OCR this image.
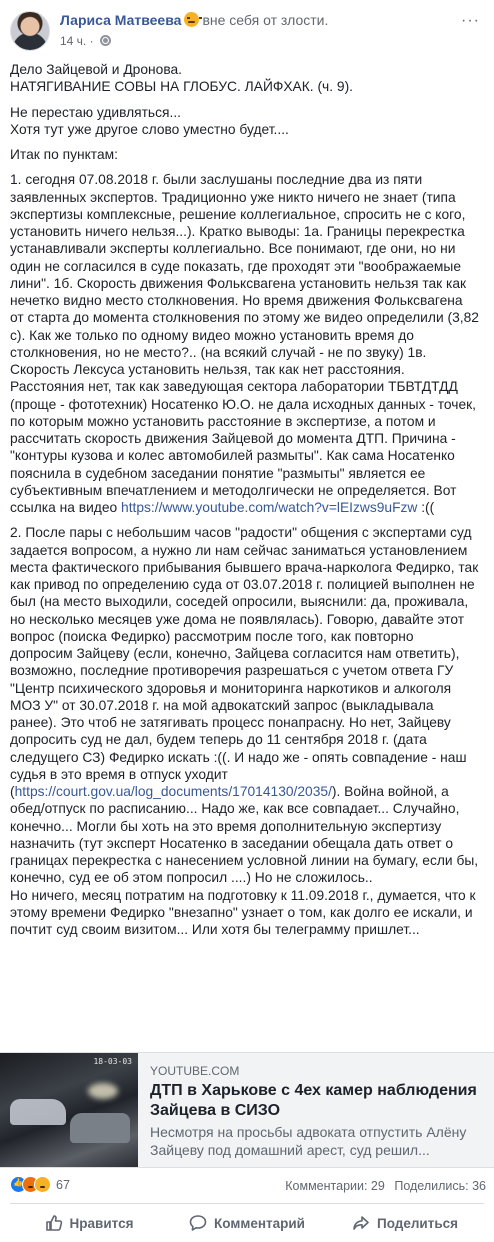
Лариса Матвеева вне себя от злости.
14 ч. ·
···

Дело Зайцевой и Дронова.
НАТЯГИВАНИЕ СОВЫ НА ГЛОБУС. ЛАЙФХАК. (ч. 9).

Не перестаю удивляться...
Хотя тут уже другое слово уместно будет....

Итак по пунктам:

1. сегодня 07.08.2018 г. были заслушаны последние два из пяти
заявленных экспертов. Традиционно уже никто ничего не знает (типа
экспертизы комплексные, решение коллегиальное, спросить не с кого,
установить ничего нельзя...). Кратко выводы: 1а. Границы перекрестка
устанавливали эксперты коллегиально. Все понимают, где они, но ни
один не согласился в суде показать, где проходят эти "воображаемые
лини". 1б. Скорость движения Фольксвагена установить нельзя так как
нечетко видно место столкновения. Но время движения Фольксвагена
от старта до момента столкновения по этому же видео определили (3,82
с). Как же только по одному видео можно установить время до
столкновения, но не место?.. (на всякий случай - не по звуку) 1в.
Скорость Лексуса установить нельзя, так как нет расстояния.
Расстояния нет, так как заведующая сектора лаборатории ТБВТДТДД
(проще - фототехник) Носатенко Ю.О. не дала исходных данных - точек,
по которым можно установить расстояние в экспертизе, а потом и
рассчитать скорость движения Зайцевой до момента ДТП. Причина -
"контуры кузова и колес автомобилей размыты". Как сама Носатенко
пояснила в судебном заседании понятие "размыты" является ее
субъективным впечатлением и методолгически не определяется. Вот
ссылка на видео https://www.youtube.com/watch?v=lEIzws9uFzw :((

2. После пары с небольшим часов "радости" общения с экспертами суд
задается вопросом, а нужно ли нам сейчас заниматься установлением
места фактического прибывания бывшего врача-нарколога Федирко, так
как привод по определению суда от 03.07.2018 г. полицией выполнен не
был (на место выходили, соседей опросили, выяснили: да, проживала,
но несколько месяцев уже дома не появлялась). Говорю, давайте этот
вопрос (поиска Федирко) рассмотрим после того, как повторно
допросим Зайцеву (если, конечно, Зайцева согласится нам ответить),
возможно, последние противоречия разрешаться с учетом ответа ГУ
"Центр психического здоровья и мониторинга наркотиков и алкоголя
МОЗ У" от 30.07.2018 г. на мой адвокатский запрос (выкладывала
ранее). Это чтоб не затягивать процесс понапрасну. Но нет, Зайцеву
допросить суд не дал, будем теперь до 11 сентября 2018 г. (дата
следущего СЗ) Федирко искать :((. И надо же - опять совпадение - наш
судья в это время в отпуск уходит
(https://court.gov.ua/log_documents/17014130/2035/). Война войной, а
обед/отпуск по расписанию... Надо же, как все совпадает... Случайно,
конечно... Могли бы хоть на это время дополнительную экспертизу
назначить (тут эксперт Носатенко в заседании обещала дать ответ о
границах перекрестка с нанесением условной линии на бумагу, если бы,
конечно, суд ее об этом попросил ....) Но не сложилось..
Но ничего, месяц потратим на подготовку к 11.09.2018 г., думается, что к
этому времени Федирко "внезапно" узнает о том, как долго ее искали, и
почтит суд своим визитом... Или хотя бы телеграмму пришлет...

18-03-03
YOUTUBE.COM
ДТП в Харькове с 4ех камер наблюдения
Зайцева в СИЗО
Несмотря на просьбы адвоката отпустить Алёну
Зайцеву под домашний арест, суд решил...
👍67	Комментарии: 29 Поделились: 36
Нравится	Комментарий	Поделиться
